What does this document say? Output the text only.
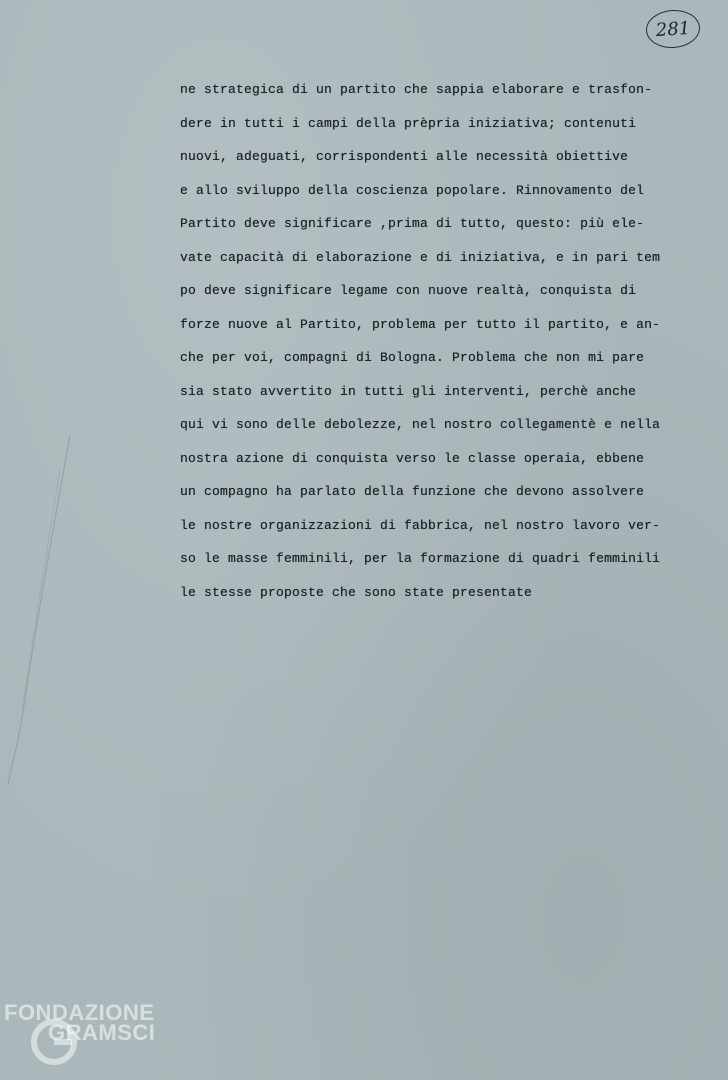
281
ne strategica di un partito che sappia elaborare e trasfon-
dere in tutti i campi della prèpria iniziativa; contenuti
nuovi, adeguati, corrispondenti alle necessità obiettive
e allo sviluppo della coscienza popolare. Rinnovamento del
Partito deve significare ,prima di tutto, questo: più ele-
vate capacità di elaborazione e di iniziativa, e in pari tem
po deve significare legame con nuove realtà, conquista di
forze nuove al Partito, problema per tutto il partito, e an-
che per voi, compagni di Bologna. Problema che non mi pare
sia stato avvertito in tutti gli interventi, perchè anche
qui vi sono delle debolezze, nel nostro collegamentè e nella
nostra azione di conquista verso le classe operaia, ebbene
un compagno ha parlato della funzione che devono assolvere
le nostre organizzazioni di fabbrica, nel nostro lavoro ver-
so le masse femminili, per la formazione di quadri femminili
le stesse proposte che sono state presentate
FONDAZIONE
GRAMSCI
